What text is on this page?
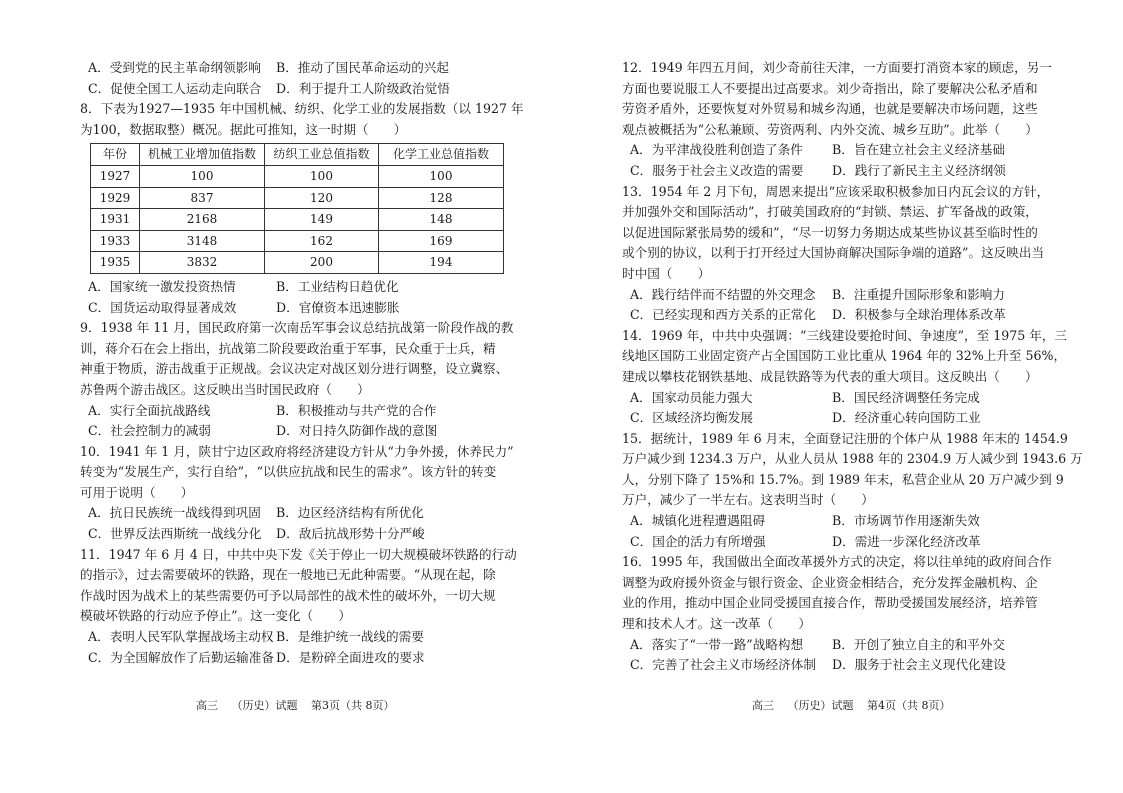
A．受到党的民主革命纲领影响	B．推动了国民革命运动的兴起
C．促使全国工人运动走向联合	D．利于提升工人阶级政治觉悟
8．下表为1927—1935 年中国机械、纺织、化学工业的发展指数（以 1927 年
为100，数据取整）概况。据此可推知，这一时期（　　）
年份	机械工业增加值指数	纺织工业总值指数	化学工业总值指数
1927	100	100	100
1929	837	120	128
1931	2168	149	148
1933	3148	162	169
1935	3832	200	194
A．国家统一激发投资热情	B．工业结构日趋优化
C．国货运动取得显著成效	D．官僚资本迅速膨胀
9．1938 年 11 月，国民政府第一次南岳军事会议总结抗战第一阶段作战的教
训，蒋介石在会上指出，抗战第二阶段要政治重于军事，民众重于士兵，精
神重于物质，游击战重于正规战。会议决定对战区划分进行调整，设立冀察、
苏鲁两个游击战区。这反映出当时国民政府（　　）
A．实行全面抗战路线	B．积极推动与共产党的合作
C．社会控制力的减弱	D．对日持久防御作战的意图
10．1941 年 1 月，陕甘宁边区政府将经济建设方针从“力争外援，休养民力”
转变为“发展生产，实行自给”，“以供应抗战和民生的需求”。该方针的转变
可用于说明（　　）
A．抗日民族统一战线得到巩固	B．边区经济结构有所优化
C．世界反法西斯统一战线分化	D．敌后抗战形势十分严峻
11．1947 年 6 月 4 日，中共中央下发《关于停止一切大规模破坏铁路的行动
的指示》，过去需要破坏的铁路，现在一般地已无此种需要。“从现在起，除
作战时因为战术上的某些需要仍可予以局部性的战术性的破坏外，一切大规
模破坏铁路的行动应予停止”。这一变化（　　）
A．表明人民军队掌握战场主动权 B．是维护统一战线的需要
C．为全国解放作了后勤运输准备 D．是粉碎全面进攻的要求
12．1949 年四五月间，刘少奇前往天津，一方面要打消资本家的顾虑，另一
方面也要说服工人不要提出过高要求。刘少奇指出，除了要解决公私矛盾和
劳资矛盾外，还要恢复对外贸易和城乡沟通，也就是要解决市场问题，这些
观点被概括为“公私兼顾、劳资两利、内外交流、城乡互助”。此举（　　）
A．为平津战役胜利创造了条件	B．旨在建立社会主义经济基础
C．服务于社会主义改造的需要	D．践行了新民主主义经济纲领
13．1954 年 2 月下旬，周恩来提出“应该采取积极参加日内瓦会议的方针，
并加强外交和国际活动”，打破美国政府的“封锁、禁运、扩军备战的政策，
以促进国际紧张局势的缓和”，“尽一切努力务期达成某些协议甚至临时性的
或个别的协议，以利于打开经过大国协商解决国际争端的道路”。这反映出当
时中国（　　）
A．践行结伴而不结盟的外交理念	B．注重提升国际形象和影响力
C．已经实现和西方关系的正常化	D．积极参与全球治理体系改革
14．1969 年，中共中央强调：“三线建设要抢时间、争速度”，至 1975 年，三
线地区国防工业固定资产占全国国防工业比重从 1964 年的 32%上升至 56%，
建成以攀枝花钢铁基地、成昆铁路等为代表的重大项目。这反映出（　　）
A．国家动员能力强大	B．国民经济调整任务完成
C．区域经济均衡发展	D．经济重心转向国防工业
15．据统计，1989 年 6 月末，全面登记注册的个体户从 1988 年末的 1454.9
万户减少到 1234.3 万户，从业人员从 1988 年的 2304.9 万人减少到 1943.6 万
人，分别下降了 15%和 15.7%。到 1989 年末，私营企业从 20 万户减少到 9
万户，减少了一半左右。这表明当时（　　）
A．城镇化进程遭遇阻碍	B．市场调节作用逐渐失效
C．国企的活力有所增强	D．需进一步深化经济改革
16．1995 年，我国做出全面改革援外方式的决定，将以往单纯的政府间合作
调整为政府援外资金与银行资金、企业资金相结合，充分发挥金融机构、企
业的作用，推动中国企业同受援国直接合作，帮助受援国发展经济，培养管
理和技术人才。这一改革（　　）
A．落实了“一带一路”战略构想	B．开创了独立自主的和平外交
C．完善了社会主义市场经济体制	D．服务于社会主义现代化建设
高三 （历史）试题 第3页（共 8页）	高三 （历史）试题 第4页（共 8页）
